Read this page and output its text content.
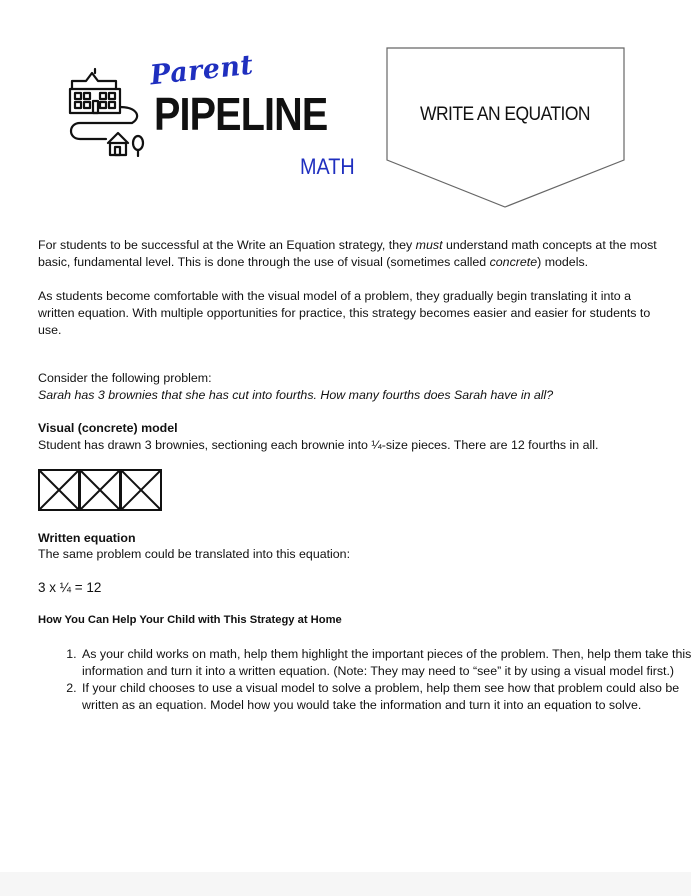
Parent
PIPELINE
MATH
WRITE AN EQUATION

For students to be successful at the Write an Equation strategy, they must understand math concepts at the most basic, fundamental level. This is done through the use of visual (sometimes called concrete) models.

As students become comfortable with the visual model of a problem, they gradually begin translating it into a written equation. With multiple opportunities for practice, this strategy becomes easier and easier for students to use.

Consider the following problem:

Sarah has 3 brownies that she has cut into fourths. How many fourths does Sarah have in all?

Visual (concrete) model

Student has drawn 3 brownies, sectioning each brownie into ¼-size pieces. There are 12 fourths in all.

Written equation

The same problem could be translated into this equation:

3 x ¼ = 12
How You Can Help Your Child with This Strategy at Home
1. As your child works on math, help them highlight the important pieces of the problem. Then, help them take this information and turn it into a written equation. (Note: They may need to “see” it by using a visual model first.)
2. If your child chooses to use a visual model to solve a problem, help them see how that problem could also be written as an equation. Model how you would take the information and turn it into an equation to solve.
